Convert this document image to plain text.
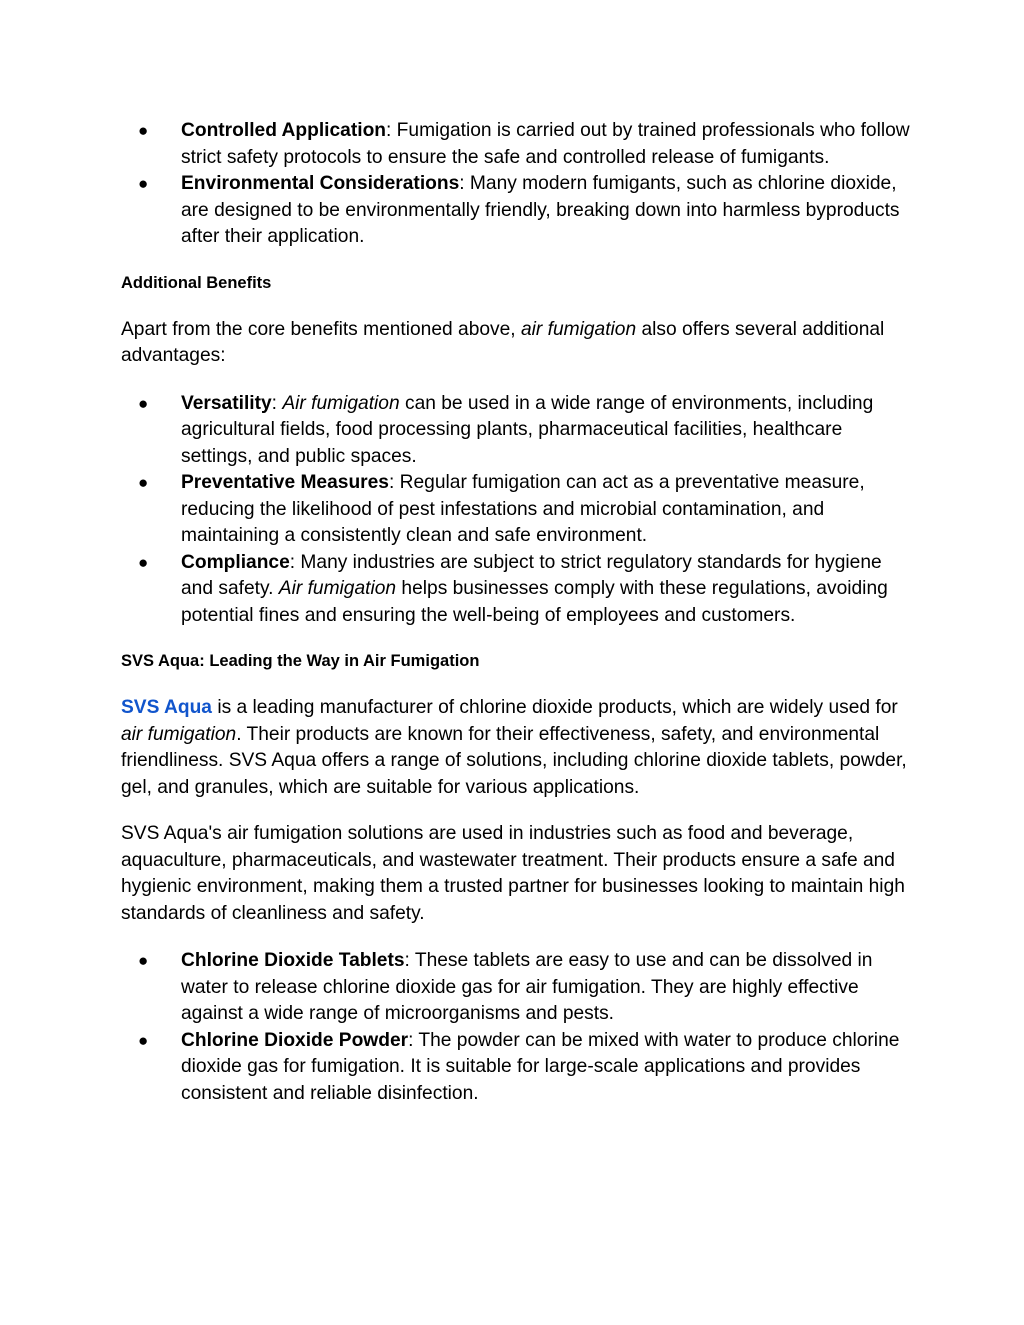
● Controlled Application: Fumigation is carried out by trained professionals who follow strict safety protocols to ensure the safe and controlled release of fumigants.
● Environmental Considerations: Many modern fumigants, such as chlorine dioxide, are designed to be environmentally friendly, breaking down into harmless byproducts after their application.
Additional Benefits

Apart from the core benefits mentioned above, air fumigation also offers several additional advantages:

● Versatility: Air fumigation can be used in a wide range of environments, including agricultural fields, food processing plants, pharmaceutical facilities, healthcare settings, and public spaces.
● Preventative Measures: Regular fumigation can act as a preventative measure, reducing the likelihood of pest infestations and microbial contamination, and maintaining a consistently clean and safe environment.
● Compliance: Many industries are subject to strict regulatory standards for hygiene and safety. Air fumigation helps businesses comply with these regulations, avoiding potential fines and ensuring the well-being of employees and customers.
SVS Aqua: Leading the Way in Air Fumigation

SVS Aqua is a leading manufacturer of chlorine dioxide products, which are widely used for air fumigation. Their products are known for their effectiveness, safety, and environmental friendliness. SVS Aqua offers a range of solutions, including chlorine dioxide tablets, powder, gel, and granules, which are suitable for various applications.

SVS Aqua's air fumigation solutions are used in industries such as food and beverage, aquaculture, pharmaceuticals, and wastewater treatment. Their products ensure a safe and hygienic environment, making them a trusted partner for businesses looking to maintain high standards of cleanliness and safety.

● Chlorine Dioxide Tablets: These tablets are easy to use and can be dissolved in water to release chlorine dioxide gas for air fumigation. They are highly effective against a wide range of microorganisms and pests.
● Chlorine Dioxide Powder: The powder can be mixed with water to produce chlorine dioxide gas for fumigation. It is suitable for large-scale applications and provides consistent and reliable disinfection.
